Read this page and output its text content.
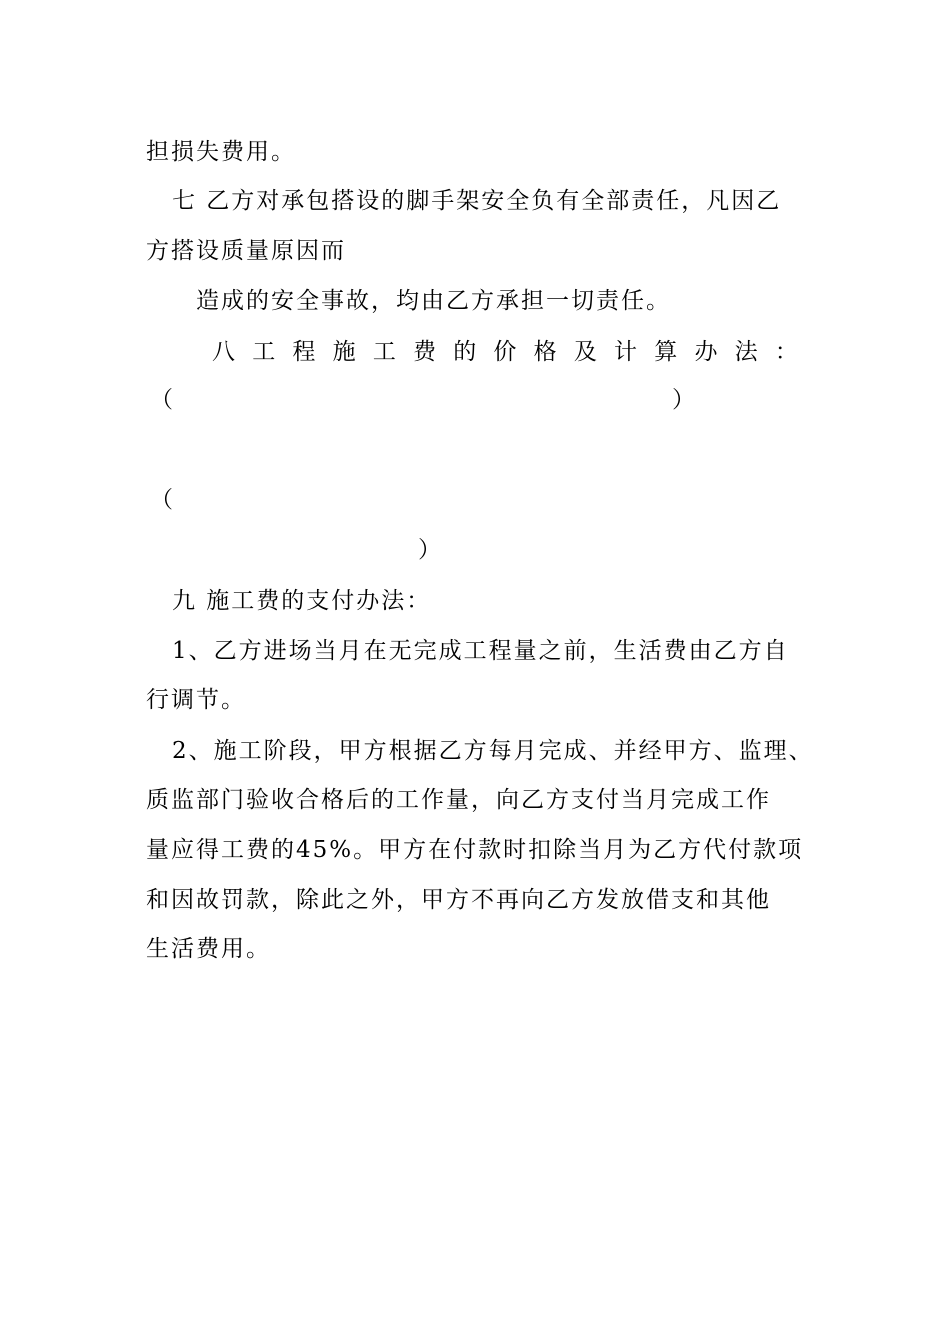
担损失费用。
七 乙方对承包搭设的脚手架安全负有全部责任，凡因乙
方搭设质量原因而
造成的安全事故，均由乙方承担一切责任。
八 工 程 施 工 费 的 价 格 及 计 算 办 法 ：
（	）
（
）
九 施工费的支付办法：
1、乙方进场当月在无完成工程量之前，生活费由乙方自
行调节。
2、施工阶段，甲方根据乙方每月完成、并经甲方、监理、
质监部门验收合格后的工作量，向乙方支付当月完成工作
量应得工费的45%。甲方在付款时扣除当月为乙方代付款项
和因故罚款，除此之外，甲方不再向乙方发放借支和其他
生活费用。
